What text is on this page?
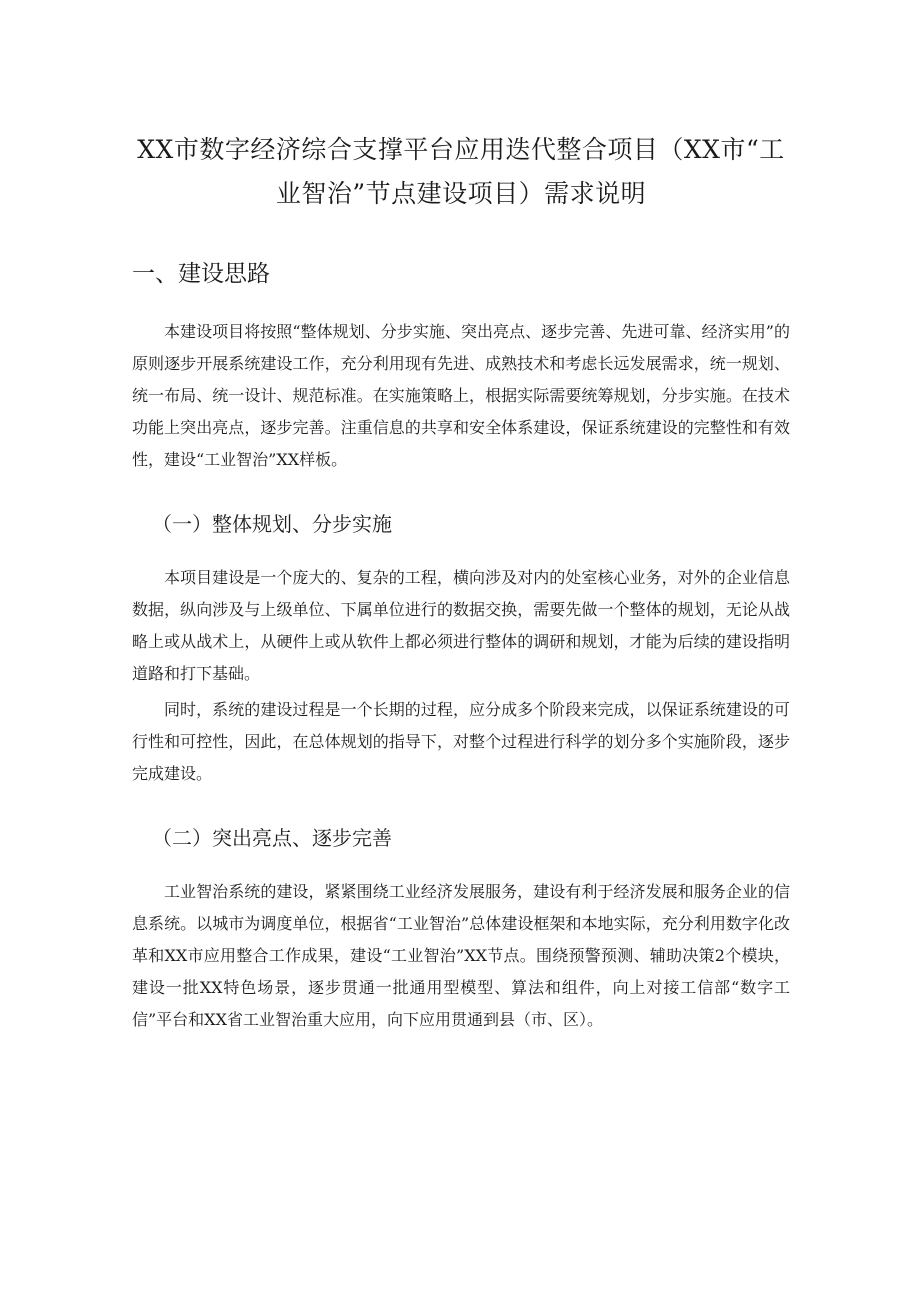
XX市数字经济综合支撑平台应用迭代整合项目（XX市“工
业智治”节点建设项目）需求说明
一、建设思路

本建设项目将按照“整体规划、分步实施、突出亮点、逐步完善、先进可靠、经济实用”的原则逐步开展系统建设工作，充分利用现有先进、成熟技术和考虑长远发展需求，统一规划、统一布局、统一设计、规范标准。在实施策略上，根据实际需要统筹规划，分步实施。在技术功能上突出亮点，逐步完善。注重信息的共享和安全体系建设，保证系统建设的完整性和有效性，建设“工业智治”XX样板。

（一）整体规划、分步实施

本项目建设是一个庞大的、复杂的工程，横向涉及对内的处室核心业务，对外的企业信息数据，纵向涉及与上级单位、下属单位进行的数据交换，需要先做一个整体的规划，无论从战略上或从战术上，从硬件上或从软件上都必须进行整体的调研和规划，才能为后续的建设指明道路和打下基础。

同时，系统的建设过程是一个长期的过程，应分成多个阶段来完成，以保证系统建设的可行性和可控性，因此，在总体规划的指导下，对整个过程进行科学的划分多个实施阶段，逐步完成建设。

（二）突出亮点、逐步完善

工业智治系统的建设，紧紧围绕工业经济发展服务，建设有利于经济发展和服务企业的信息系统。以城市为调度单位，根据省“工业智治”总体建设框架和本地实际，充分利用数字化改革和XX市应用整合工作成果，建设“工业智治”XX节点。围绕预警预测、辅助决策2个模块，建设一批XX特色场景，逐步贯通一批通用型模型、算法和组件，向上对接工信部“数字工信”平台和XX省工业智治重大应用，向下应用贯通到县（市、区）。
